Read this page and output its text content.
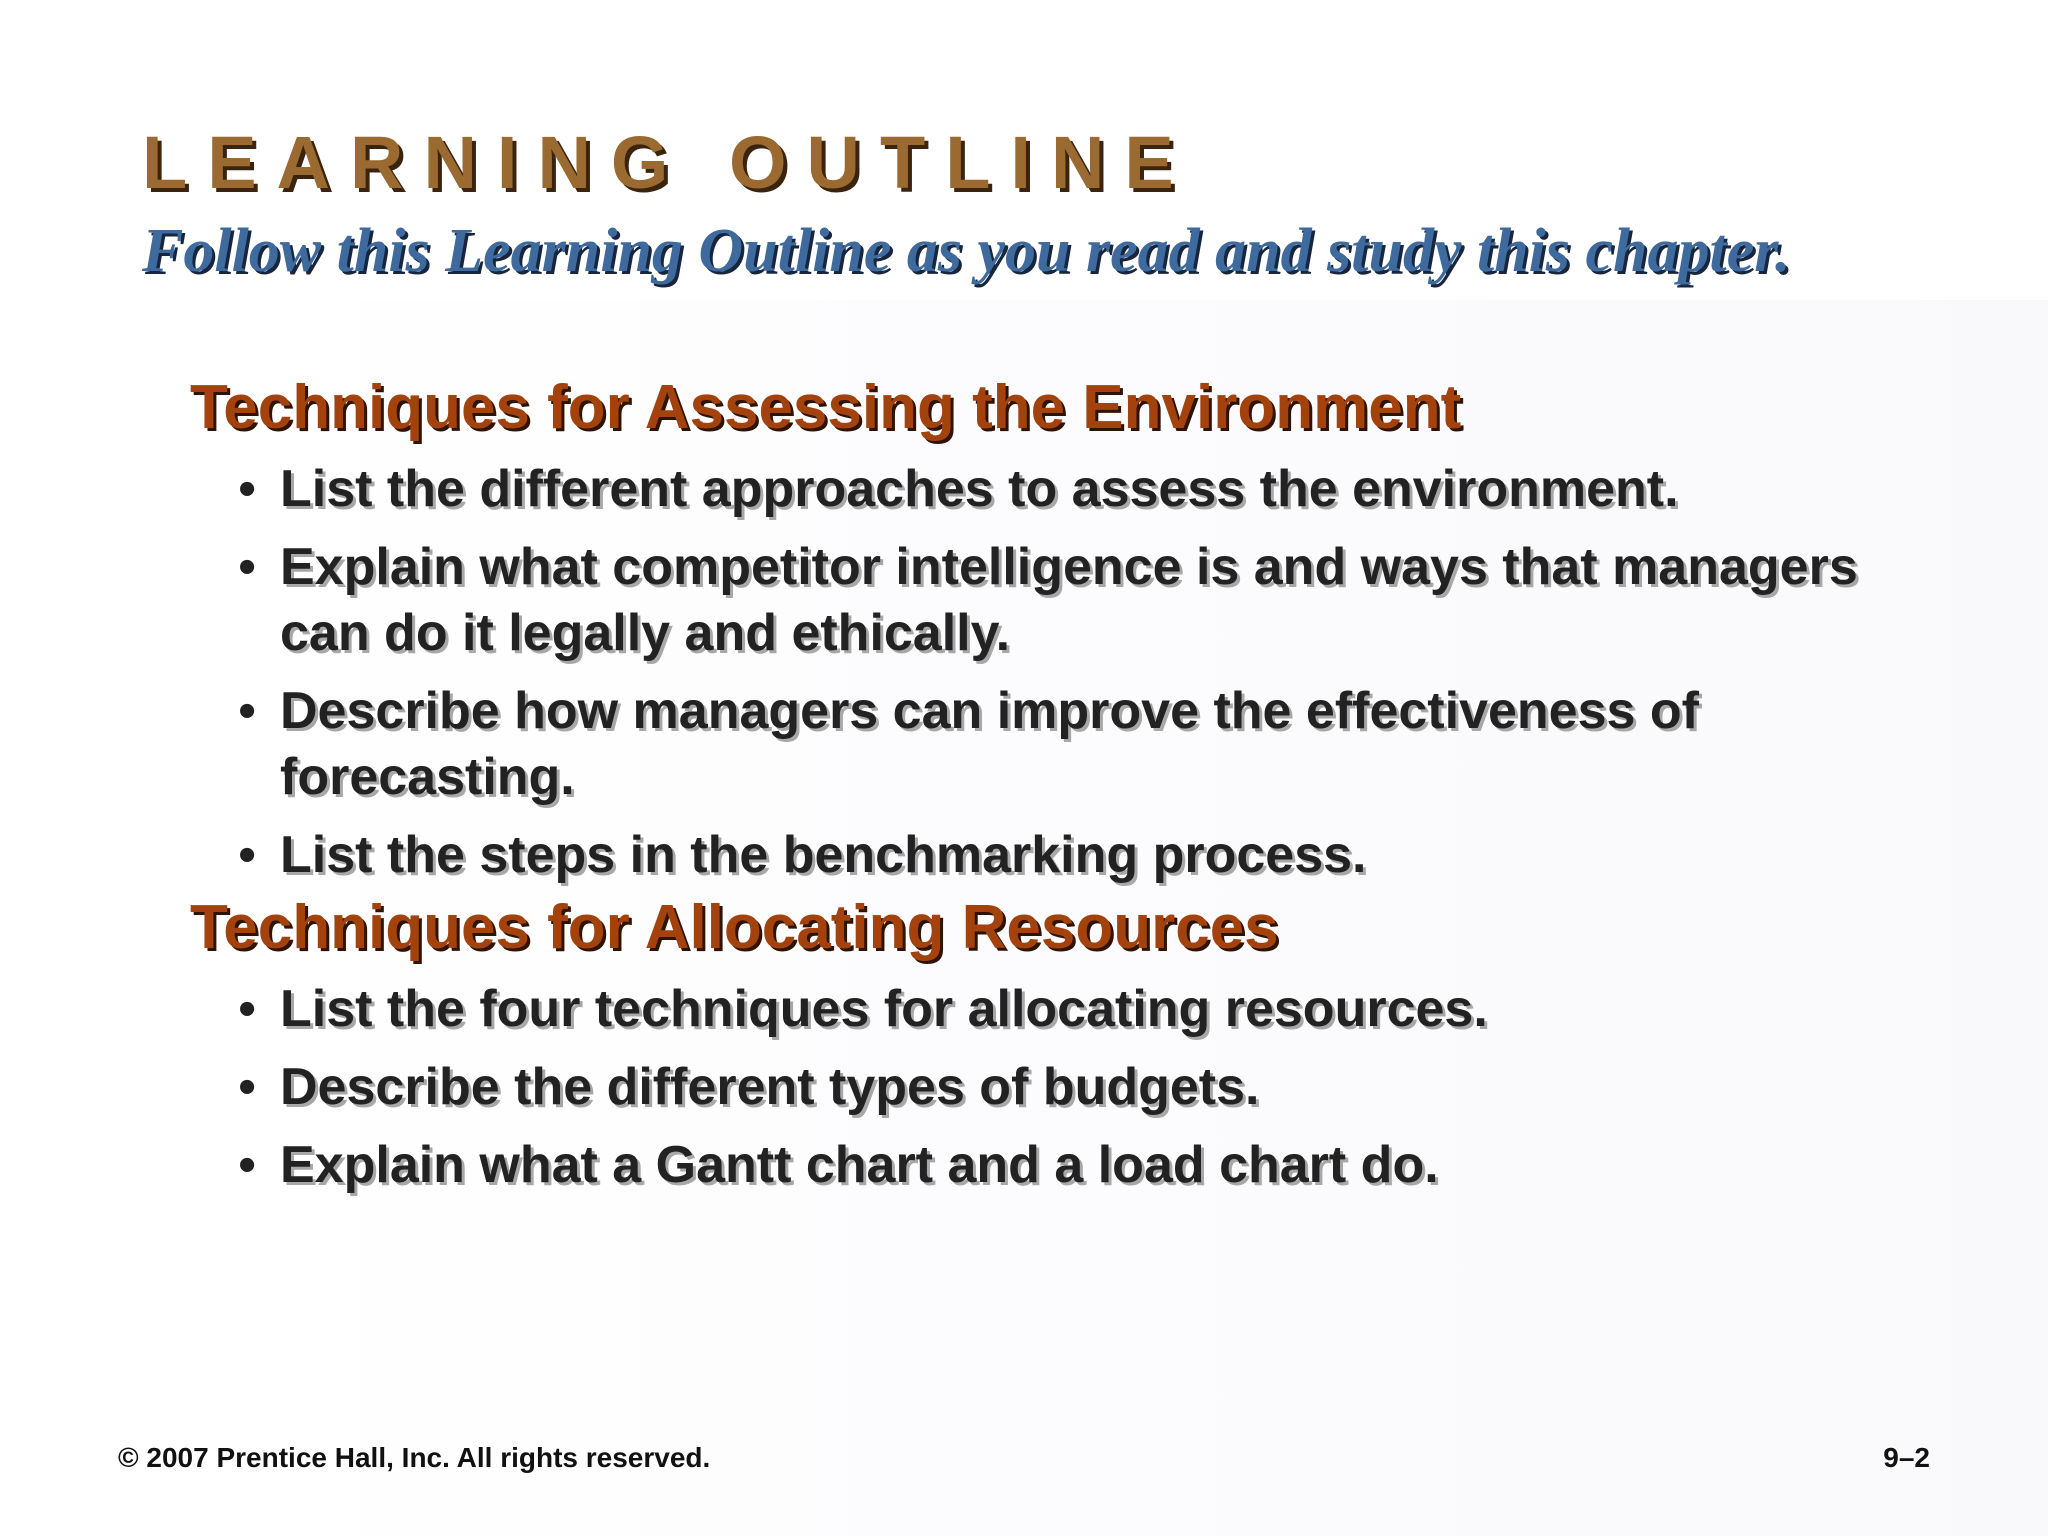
LEARNING OUTLINE
Follow this Learning Outline as you read and study this chapter.
Techniques for Assessing the Environment
• List the different approaches to assess the environment.
• Explain what competitor intelligence is and ways that managers can do it legally and ethically.
• Describe how managers can improve the effectiveness of forecasting.
• List the steps in the benchmarking process.
Techniques for Allocating Resources
• List the four techniques for allocating resources.
• Describe the different types of budgets.
• Explain what a Gantt chart and a load chart do.
© 2007 Prentice Hall, Inc. All rights reserved.	9–2
